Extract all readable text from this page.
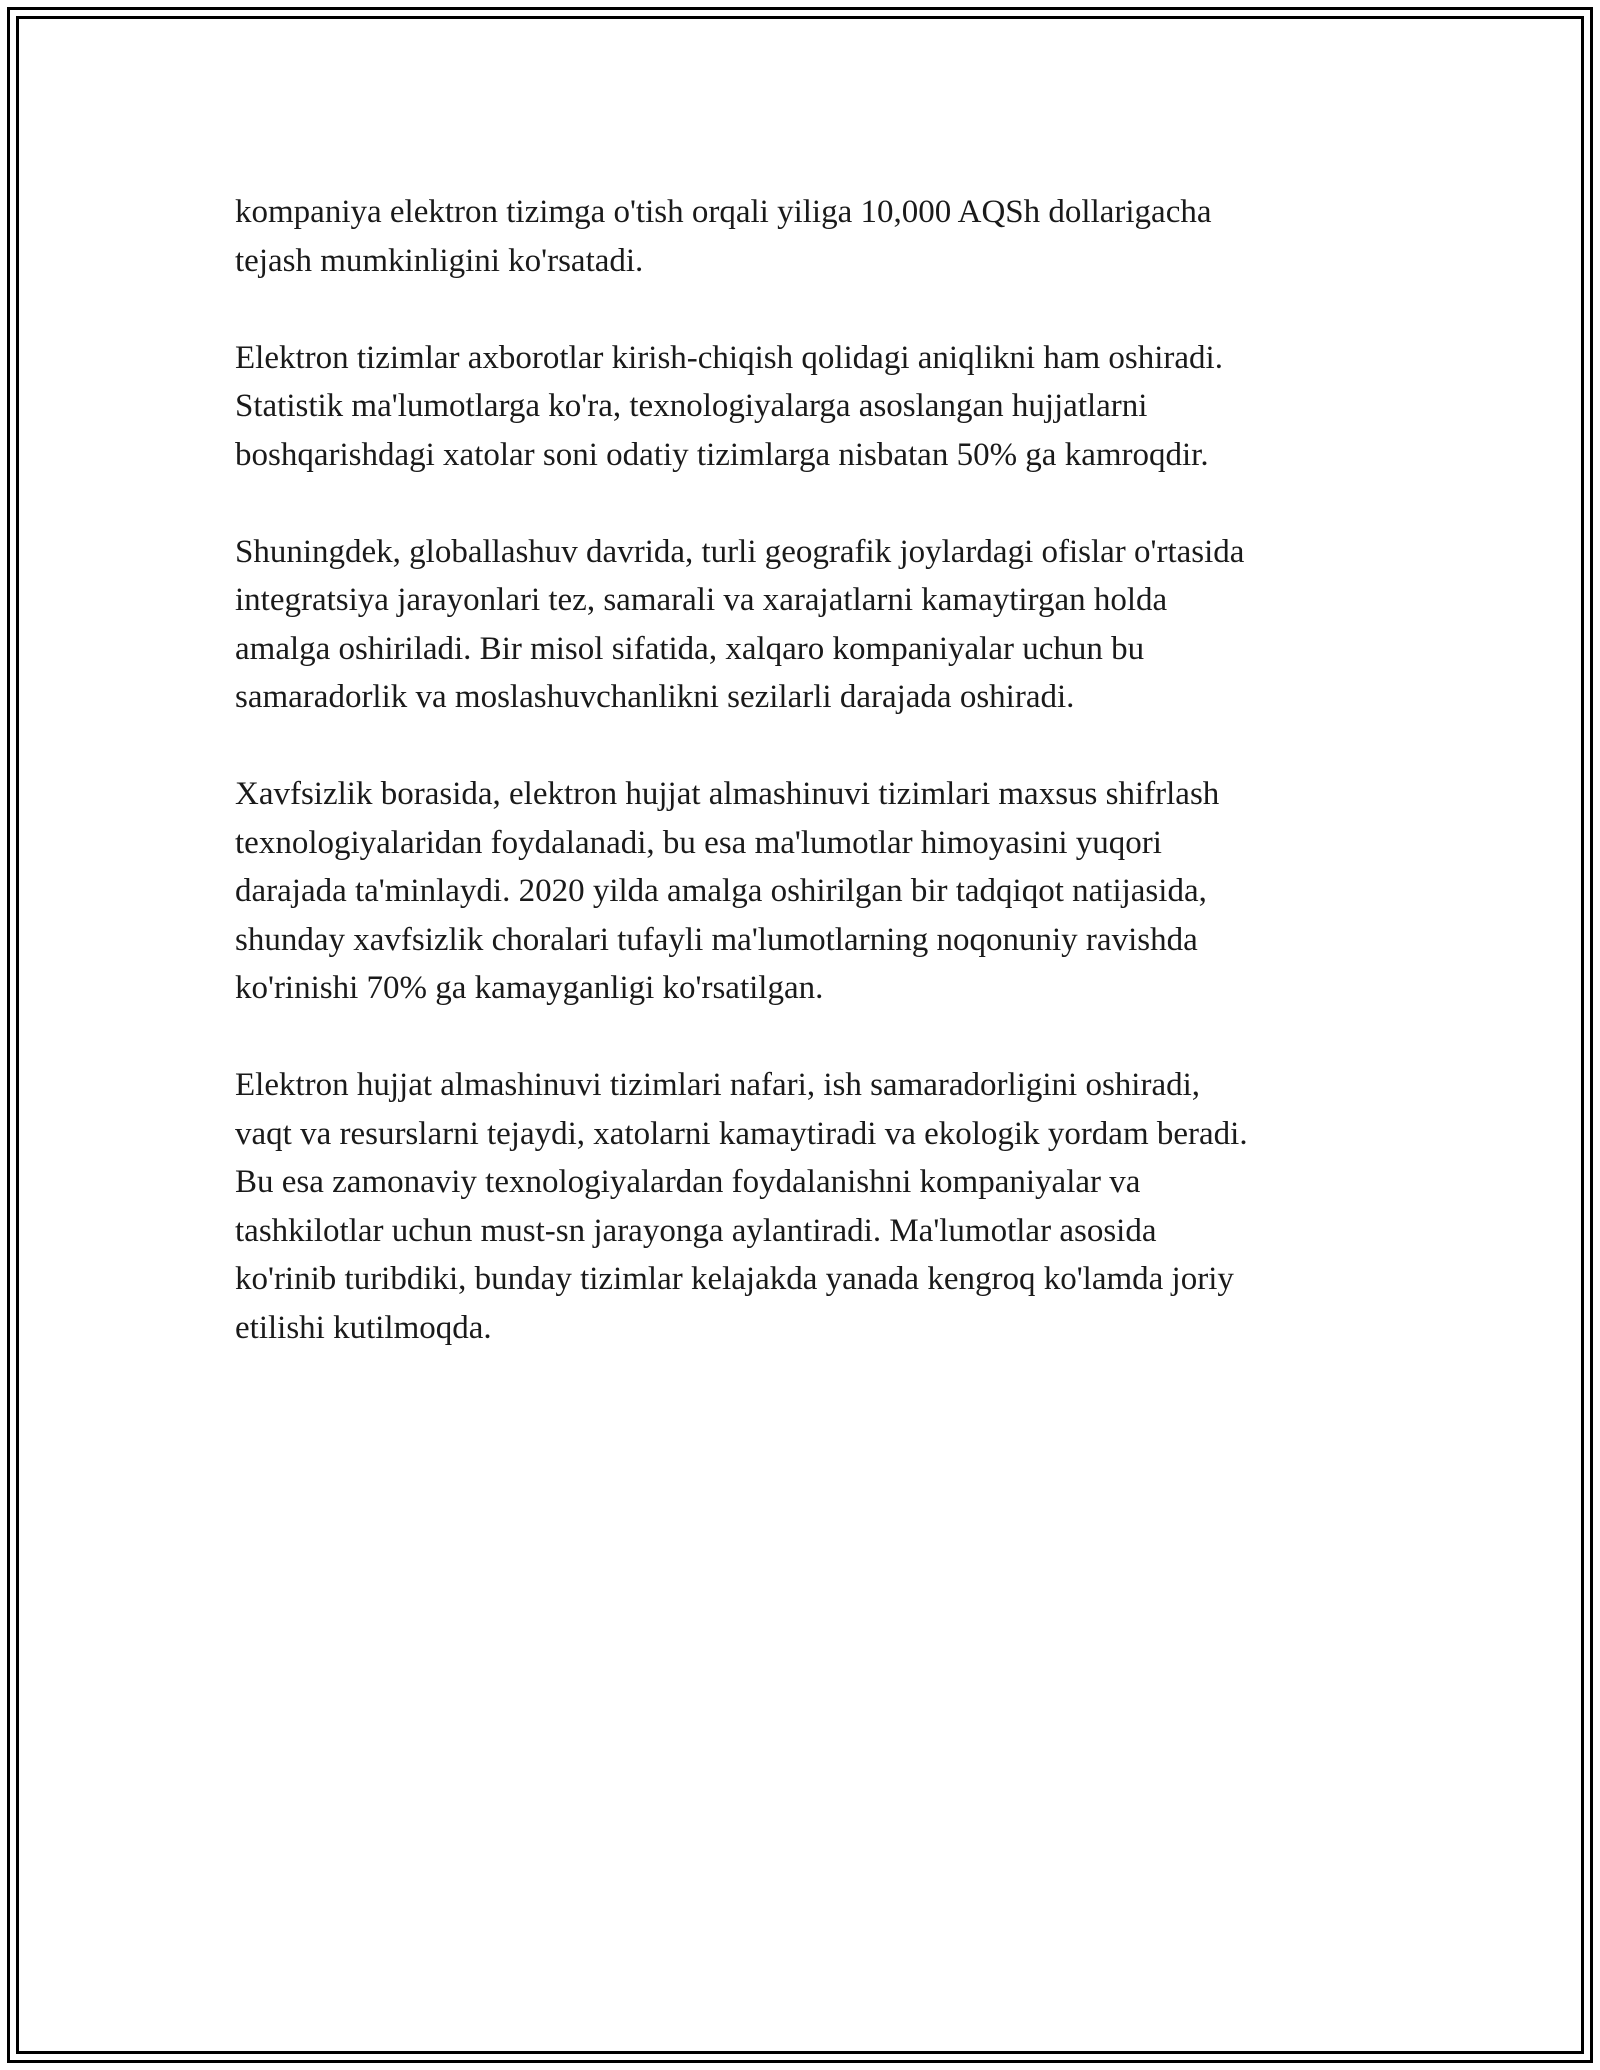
kompaniya elektron tizimga o'tish orqali yiliga 10,000 AQSh dollarigacha
tejash mumkinligini ko'rsatadi.

Elektron tizimlar axborotlar kirish-chiqish qolidagi aniqlikni ham oshiradi.
Statistik ma'lumotlarga ko'ra, texnologiyalarga asoslangan hujjatlarni
boshqarishdagi xatolar soni odatiy tizimlarga nisbatan 50% ga kamroqdir.

Shuningdek, globallashuv davrida, turli geografik joylardagi ofislar o'rtasida
integratsiya jarayonlari tez, samarali va xarajatlarni kamaytirgan holda
amalga oshiriladi. Bir misol sifatida, xalqaro kompaniyalar uchun bu
samaradorlik va moslashuvchanlikni sezilarli darajada oshiradi.

Xavfsizlik borasida, elektron hujjat almashinuvi tizimlari maxsus shifrlash
texnologiyalaridan foydalanadi, bu esa ma'lumotlar himoyasini yuqori
darajada ta'minlaydi. 2020 yilda amalga oshirilgan bir tadqiqot natijasida,
shunday xavfsizlik choralari tufayli ma'lumotlarning noqonuniy ravishda
ko'rinishi 70% ga kamayganligi ko'rsatilgan.

Elektron hujjat almashinuvi tizimlari nafari, ish samaradorligini oshiradi,
vaqt va resurslarni tejaydi, xatolarni kamaytiradi va ekologik yordam beradi.
Bu esa zamonaviy texnologiyalardan foydalanishni kompaniyalar va
tashkilotlar uchun must-sn jarayonga aylantiradi. Ma'lumotlar asosida
ko'rinib turibdiki, bunday tizimlar kelajakda yanada kengroq ko'lamda joriy
etilishi kutilmoqda.
